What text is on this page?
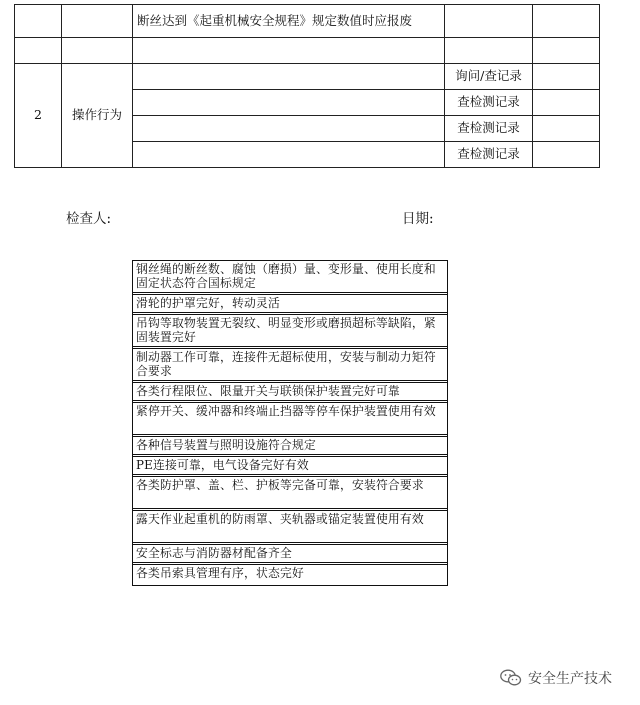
		断丝达到《起重机械安全规程》规定数值时应报废		

2	操作行为		询问/查记录	
			查检测记录	
			查检测记录	
			查检测记录	
检查人:	日期:
钢丝绳的断丝数、腐蚀（磨损）量、变形量、使用长度和固定状态符合国标规定
滑轮的护罩完好，转动灵活
吊钩等取物装置无裂纹、明显变形或磨损超标等缺陷，紧固装置完好
制动器工作可靠，连接件无超标使用，安装与制动力矩符合要求
各类行程限位、限量开关与联锁保护装置完好可靠
紧停开关、缓冲器和终端止挡器等停车保护装置使用有效
各种信号装置与照明设施符合规定
PE连接可靠，电气设备完好有效
各类防护罩、盖、栏、护板等完备可靠，安装符合要求
露天作业起重机的防雨罩、夹轨器或锚定装置使用有效
安全标志与消防器材配备齐全
各类吊索具管理有序，状态完好
安全生产技术
